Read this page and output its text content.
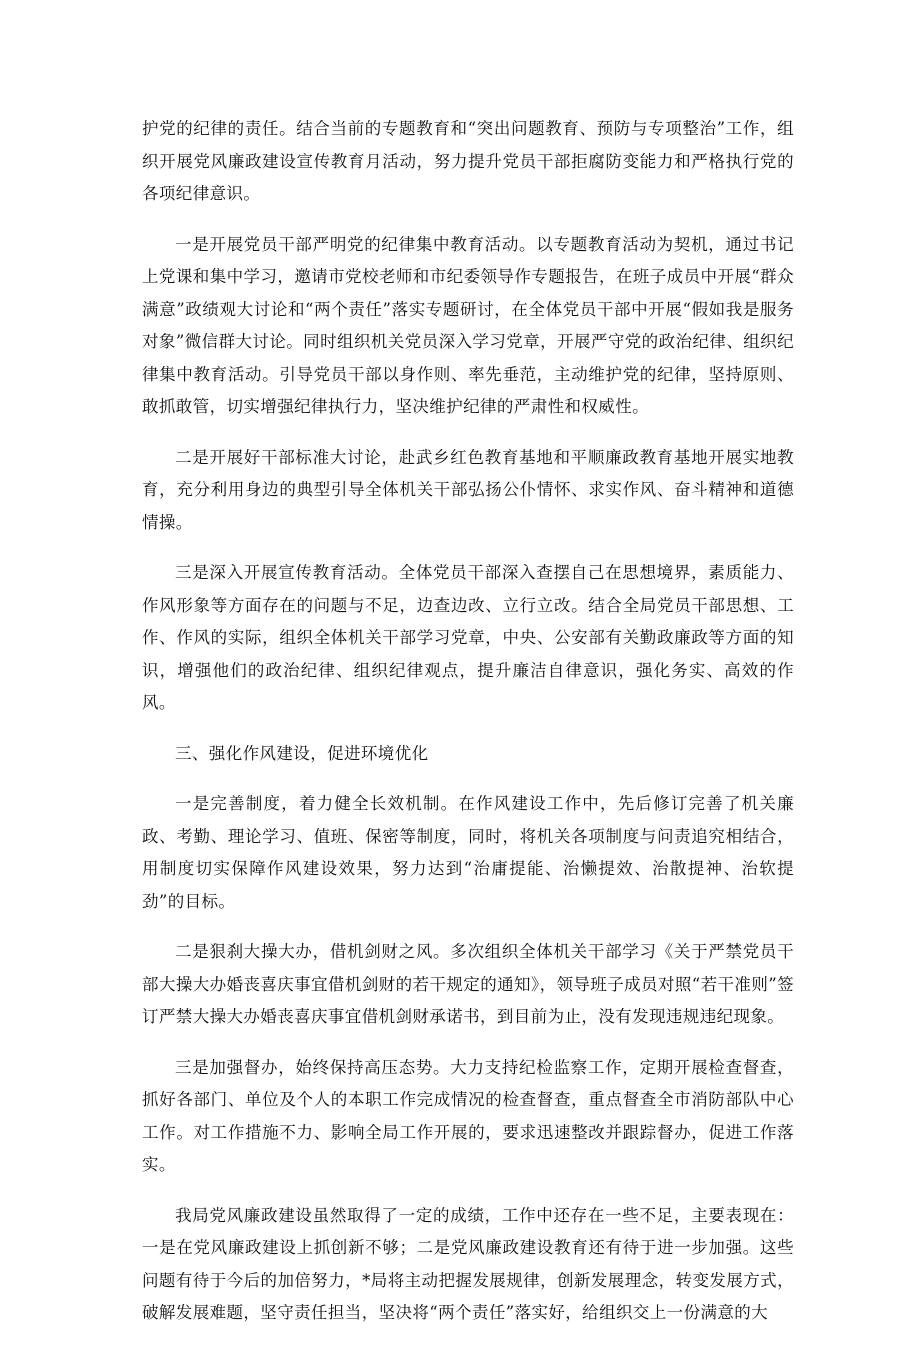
护党的纪律的责任。结合当前的专题教育和“突出问题教育、预防与专项整治”工作，组织开展党风廉政建设宣传教育月活动，努力提升党员干部拒腐防变能力和严格执行党的各项纪律意识。

一是开展党员干部严明党的纪律集中教育活动。以专题教育活动为契机，通过书记上党课和集中学习，邀请市党校老师和市纪委领导作专题报告，在班子成员中开展“群众满意”政绩观大讨论和“两个责任”落实专题研讨，在全体党员干部中开展“假如我是服务对象”微信群大讨论。同时组织机关党员深入学习党章，开展严守党的政治纪律、组织纪律集中教育活动。引导党员干部以身作则、率先垂范，主动维护党的纪律，坚持原则、敢抓敢管，切实增强纪律执行力，坚决维护纪律的严肃性和权威性。

二是开展好干部标准大讨论，赴武乡红色教育基地和平顺廉政教育基地开展实地教育，充分利用身边的典型引导全体机关干部弘扬公仆情怀、求实作风、奋斗精神和道德情操。

三是深入开展宣传教育活动。全体党员干部深入查摆自己在思想境界，素质能力、作风形象等方面存在的问题与不足，边查边改、立行立改。结合全局党员干部思想、工作、作风的实际，组织全体机关干部学习党章，中央、公安部有关勤政廉政等方面的知识，增强他们的政治纪律、组织纪律观点，提升廉洁自律意识，强化务实、高效的作风。

三、强化作风建设，促进环境优化

一是完善制度，着力健全长效机制。在作风建设工作中，先后修订完善了机关廉政、考勤、理论学习、值班、保密等制度，同时，将机关各项制度与问责追究相结合，用制度切实保障作风建设效果，努力达到“治庸提能、治懒提效、治散提神、治软提劲”的目标。

二是狠刹大操大办，借机剑财之风。多次组织全体机关干部学习《关于严禁党员干部大操大办婚丧喜庆事宜借机剑财的若干规定的通知》，领导班子成员对照“若干准则”签订严禁大操大办婚丧喜庆事宜借机剑财承诺书，到目前为止，没有发现违规违纪现象。

三是加强督办，始终保持高压态势。大力支持纪检监察工作，定期开展检查督查，抓好各部门、单位及个人的本职工作完成情况的检查督查，重点督查全市消防部队中心工作。对工作措施不力、影响全局工作开展的，要求迅速整改并跟踪督办，促进工作落实。

我局党风廉政建设虽然取得了一定的成绩，工作中还存在一些不足，主要表现在：一是在党风廉政建设上抓创新不够；二是党风廉政建设教育还有待于进一步加强。这些问题有待于今后的加倍努力，*局将主动把握发展规律，创新发展理念，转变发展方式，破解发展难题，坚守责任担当，坚决将“两个责任”落实好，给组织交上一份满意的大
